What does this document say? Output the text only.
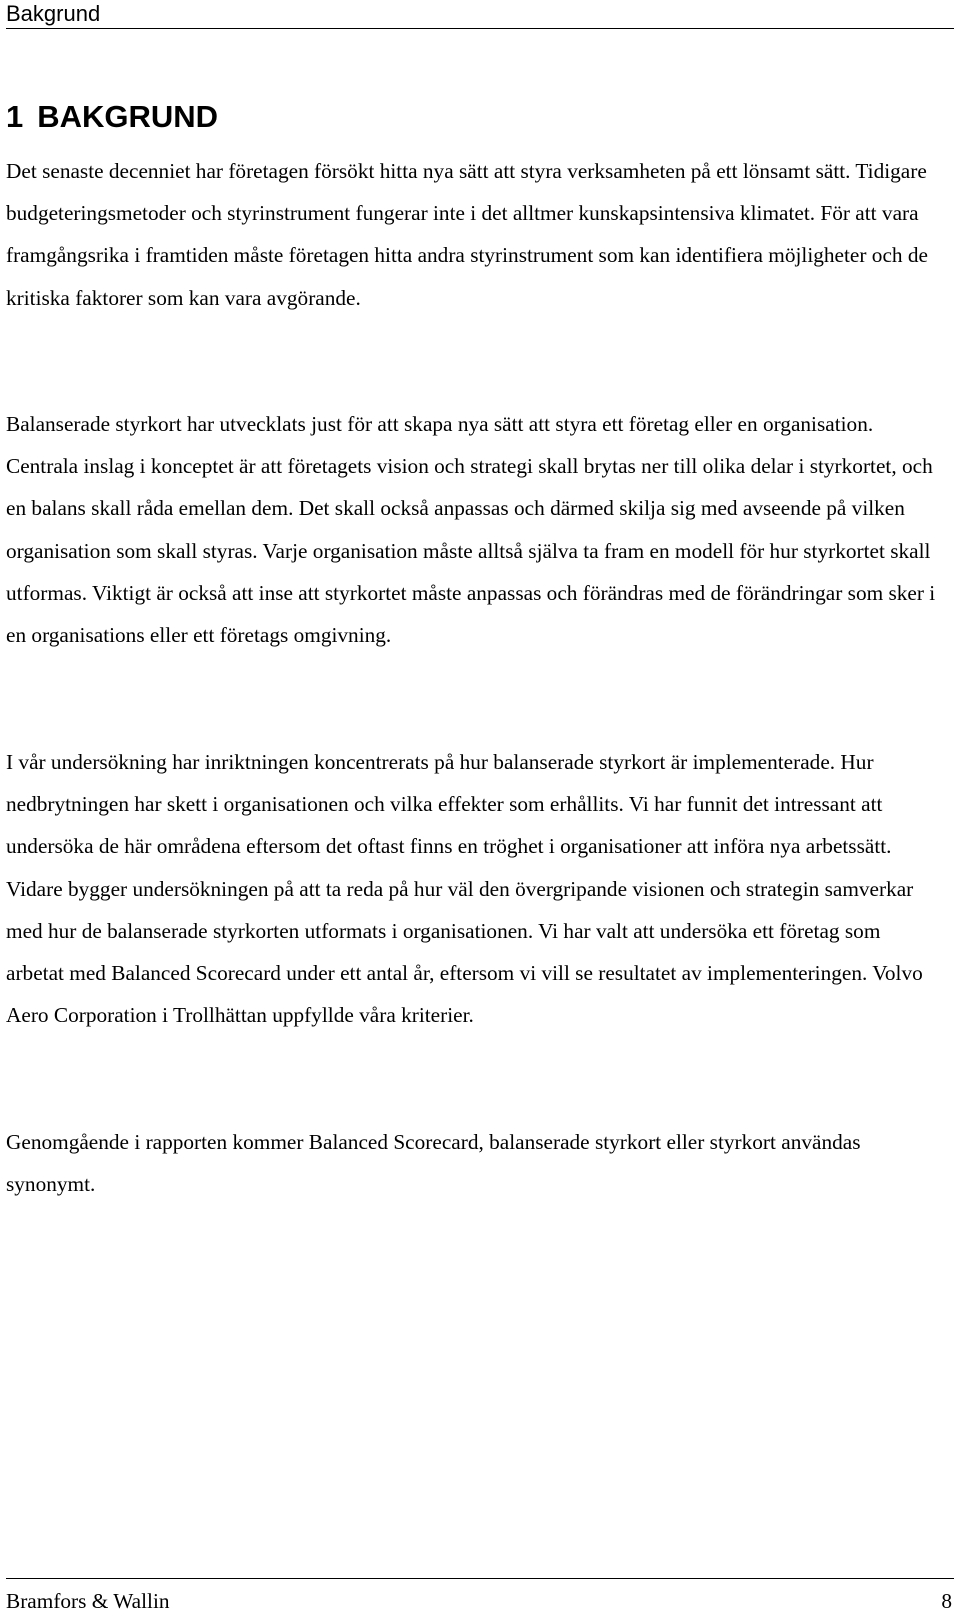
Bakgrund
1 BAKGRUND

Det senaste decenniet har företagen försökt hitta nya sätt att styra verksamheten på ett lönsamt sätt. Tidigare budgeteringsmetoder och styrinstrument fungerar inte i det alltmer kunskapsintensiva klimatet. För att vara framgångsrika i framtiden måste företagen hitta andra styrinstrument som kan identifiera möjligheter och de kritiska faktorer som kan vara avgörande.

Balanserade styrkort har utvecklats just för att skapa nya sätt att styra ett företag eller en organisation. Centrala inslag i konceptet är att företagets vision och strategi skall brytas ner till olika delar i styrkortet, och en balans skall råda emellan dem. Det skall också anpassas och därmed skilja sig med avseende på vilken organisation som skall styras. Varje organisation måste alltså själva ta fram en modell för hur styrkortet skall utformas. Viktigt är också att inse att styrkortet måste anpassas och förändras med de förändringar som sker i en organisations eller ett företags omgivning.

I vår undersökning har inriktningen koncentrerats på hur balanserade styrkort är implementerade. Hur nedbrytningen har skett i organisationen och vilka effekter som erhållits. Vi har funnit det intressant att undersöka de här områdena eftersom det oftast finns en tröghet i organisationer att införa nya arbetssätt. Vidare bygger undersökningen på att ta reda på hur väl den övergripande visionen och strategin samverkar med hur de balanserade styrkorten utformats i organisationen. Vi har valt att undersöka ett företag som arbetat med Balanced Scorecard under ett antal år, eftersom vi vill se resultatet av implementeringen. Volvo Aero Corporation i Trollhättan uppfyllde våra kriterier.

Genomgående i rapporten kommer Balanced Scorecard, balanserade styrkort eller styrkort användas synonymt.

Bramfors & Wallin	8
